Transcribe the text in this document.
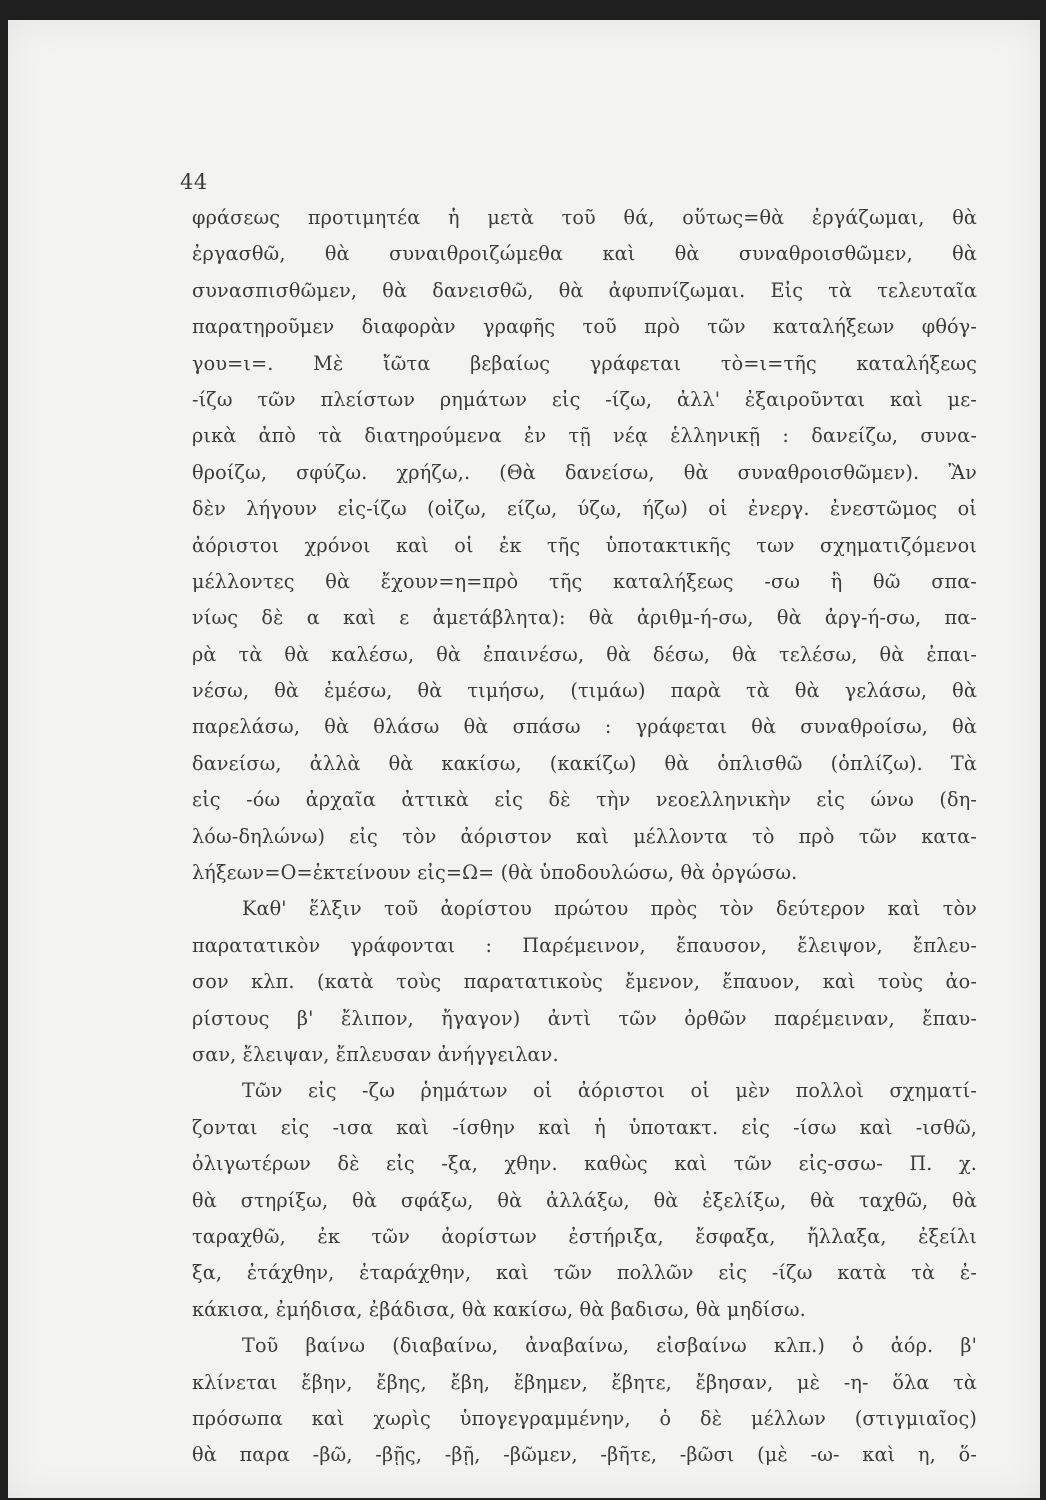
44
φράσεως προτιμητέα ἡ μετὰ τοῦ θά, οὕτως=θὰ ἐργάζωμαι, θὰ
ἐργασθῶ, θὰ συναιθροιζώμεθα καὶ θὰ συναθροισθῶμεν, θὰ
συνασπισθῶμεν, θὰ δανεισθῶ, θὰ ἀφυπνίζωμαι. Εἰς τὰ τελευταῖα
παρατηροῦμεν διαφορὰν γραφῆς τοῦ πρὸ τῶν καταλήξεων φθόγ-
γου=ι=. Μὲ ἴῶτα βεβαίως γράφεται τὸ=ι=τῆς καταλήξεως
-ίζω τῶν πλείστων ρημάτων εἰς -ίζω, ἀλλ' ἐξαιροῦνται καὶ με-
ρικὰ ἀπὸ τὰ διατηρούμενα ἐν τῇ νέᾳ ἑλληνικῇ : δανείζω, συνα-
θροίζω, σφύζω. χρήζω,. (Θὰ δανείσω, θὰ συναθροισθῶμεν). Ἂν
δὲν λήγουν εἰς-ίζω (οἰζω, είζω, ύζω, ήζω) οἱ ἐνεργ. ἐνεστῶμος οἱ
ἀόριστοι χρόνοι καὶ οἱ ἐκ τῆς ὑποτακτικῆς των σχηματιζόμενοι
μέλλοντες θὰ ἔχουν=η=πρὸ τῆς καταλήξεως -σω ἢ θῶ σπα-
νίως δὲ α καὶ ε ἀμετάβλητα): θὰ ἀριθμ-ή-σω, θὰ ἀργ-ή-σω, πα-
ρὰ τὰ θὰ καλέσω, θὰ ἐπαινέσω, θὰ δέσω, θὰ τελέσω, θὰ ἐπαι-
νέσω, θὰ ἐμέσω, θὰ τιμήσω, (τιμάω) παρὰ τὰ θὰ γελάσω, θὰ
παρελάσω, θὰ θλάσω θὰ σπάσω : γράφεται θὰ συναθροίσω, θὰ
δανείσω, ἀλλὰ θὰ κακίσω, (κακίζω) θὰ ὁπλισθῶ (ὁπλίζω). Τὰ
εἰς -όω ἀρχαῖα ἀττικὰ εἰς δὲ τὴν νεοελληνικὴν εἰς ώνω (δη-
λόω-δηλώνω) εἰς τὸν ἀόριστον καὶ μέλλοντα τὸ πρὸ τῶν κατα-
λήξεων=Ο=ἐκτείνουν εἰς=Ω= (θὰ ὑποδουλώσω, θὰ ὀργώσω.
Καθ' ἕλξιν τοῦ ἀορίστου πρώτου πρὸς τὸν δεύτερον καὶ τὸν
παρατατικὸν γράφονται : Παρέμεινον, ἔπαυσον, ἔλειψον, ἔπλευ-
σον κλπ. (κατὰ τοὺς παρατατικοὺς ἔμενον, ἔπαυον, καὶ τοὺς ἀο-
ρίστους β' ἔλιπον, ἤγαγον) ἀντὶ τῶν ὀρθῶν παρέμειναν, ἔπαυ-
σαν, ἔλειψαν, ἔπλευσαν ἀνήγγειλαν.
Τῶν εἰς -ζω ῥημάτων οἱ ἀόριστοι οἱ μὲν πολλοὶ σχηματί-
ζονται εἰς -ισα καὶ -ίσθην καὶ ἡ ὑποτακτ. εἰς -ίσω καὶ -ισθῶ,
ὀλιγωτέρων δὲ εἰς -ξα, χθην. καθὼς καὶ τῶν εἰς-σσω- Π. χ.
θὰ στηρίξω, θὰ σφάξω, θὰ ἀλλάξω, θὰ ἐξελίξω, θὰ ταχθῶ, θὰ
ταραχθῶ, ἐκ τῶν ἀορίστων ἐστήριξα, ἔσφαξα, ἤλλαξα, ἐξείλι
ξα, ἐτάχθην, ἐταράχθην, καὶ τῶν πολλῶν εἰς -ίζω κατὰ τὰ ἐ-
κάκισα, ἐμήδισα, ἐβάδισα, θὰ κακίσω, θὰ βαδισω, θὰ μηδίσω.
Τοῦ βαίνω (διαβαίνω, ἀναβαίνω, εἰσβαίνω κλπ.) ὁ ἀόρ. β'
κλίνεται ἔβην, ἔβης, ἔβη, ἔβημεν, ἔβητε, ἔβησαν, μὲ -η- ὅλα τὰ
πρόσωπα καὶ χωρὶς ὑπογεγραμμένην, ὁ δὲ μέλλων (στιγμιαῖος)
θὰ παρα -βῶ, -βῇς, -βῇ, -βῶμεν, -βῆτε, -βῶσι (μὲ -ω- καὶ η, ὅ-
